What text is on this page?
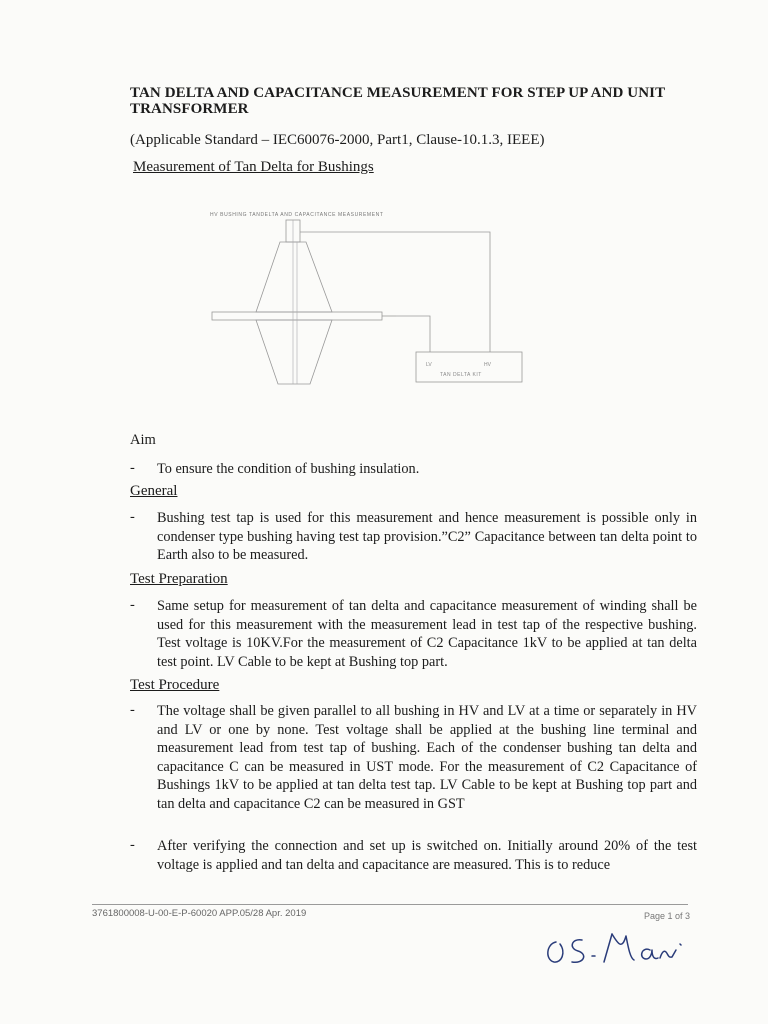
TAN DELTA AND CAPACITANCE MEASUREMENT FOR STEP UP AND UNIT TRANSFORMER
(Applicable Standard – IEC60076-2000, Part1, Clause-10.1.3, IEEE)
Measurement of Tan Delta for Bushings
HV BUSHING TANDELTA AND CAPACITANCE MEASUREMENT
LV	HV
TAN DELTA KIT
Aim
- To ensure the condition of bushing insulation.
General
- Bushing test tap is used for this measurement and hence measurement is possible only in condenser type bushing having test tap provision.”C2” Capacitance between tan delta point to Earth also to be measured.
Test Preparation
- Same setup for measurement of tan delta and capacitance measurement of winding shall be used for this measurement with the measurement lead in test tap of the respective bushing. Test voltage is 10KV.For the measurement of C2 Capacitance 1kV to be applied at tan delta test point. LV Cable to be kept at Bushing top part.
Test Procedure
- The voltage shall be given parallel to all bushing in HV and LV at a time or separately in HV and LV or one by none. Test voltage shall be applied at the bushing line terminal and measurement lead from test tap of bushing. Each of the condenser bushing tan delta and capacitance C can be measured in UST mode. For the measurement of C2 Capacitance of Bushings 1kV to be applied at tan delta test tap. LV Cable to be kept at Bushing top part and tan delta and capacitance C2 can be measured in GST
- After verifying the connection and set up is switched on. Initially around 20% of the test voltage is applied and tan delta and capacitance are measured. This is to reduce
3761800008-U-00-E-P-60020 APP.05/28 Apr. 2019	Page 1 of 3
